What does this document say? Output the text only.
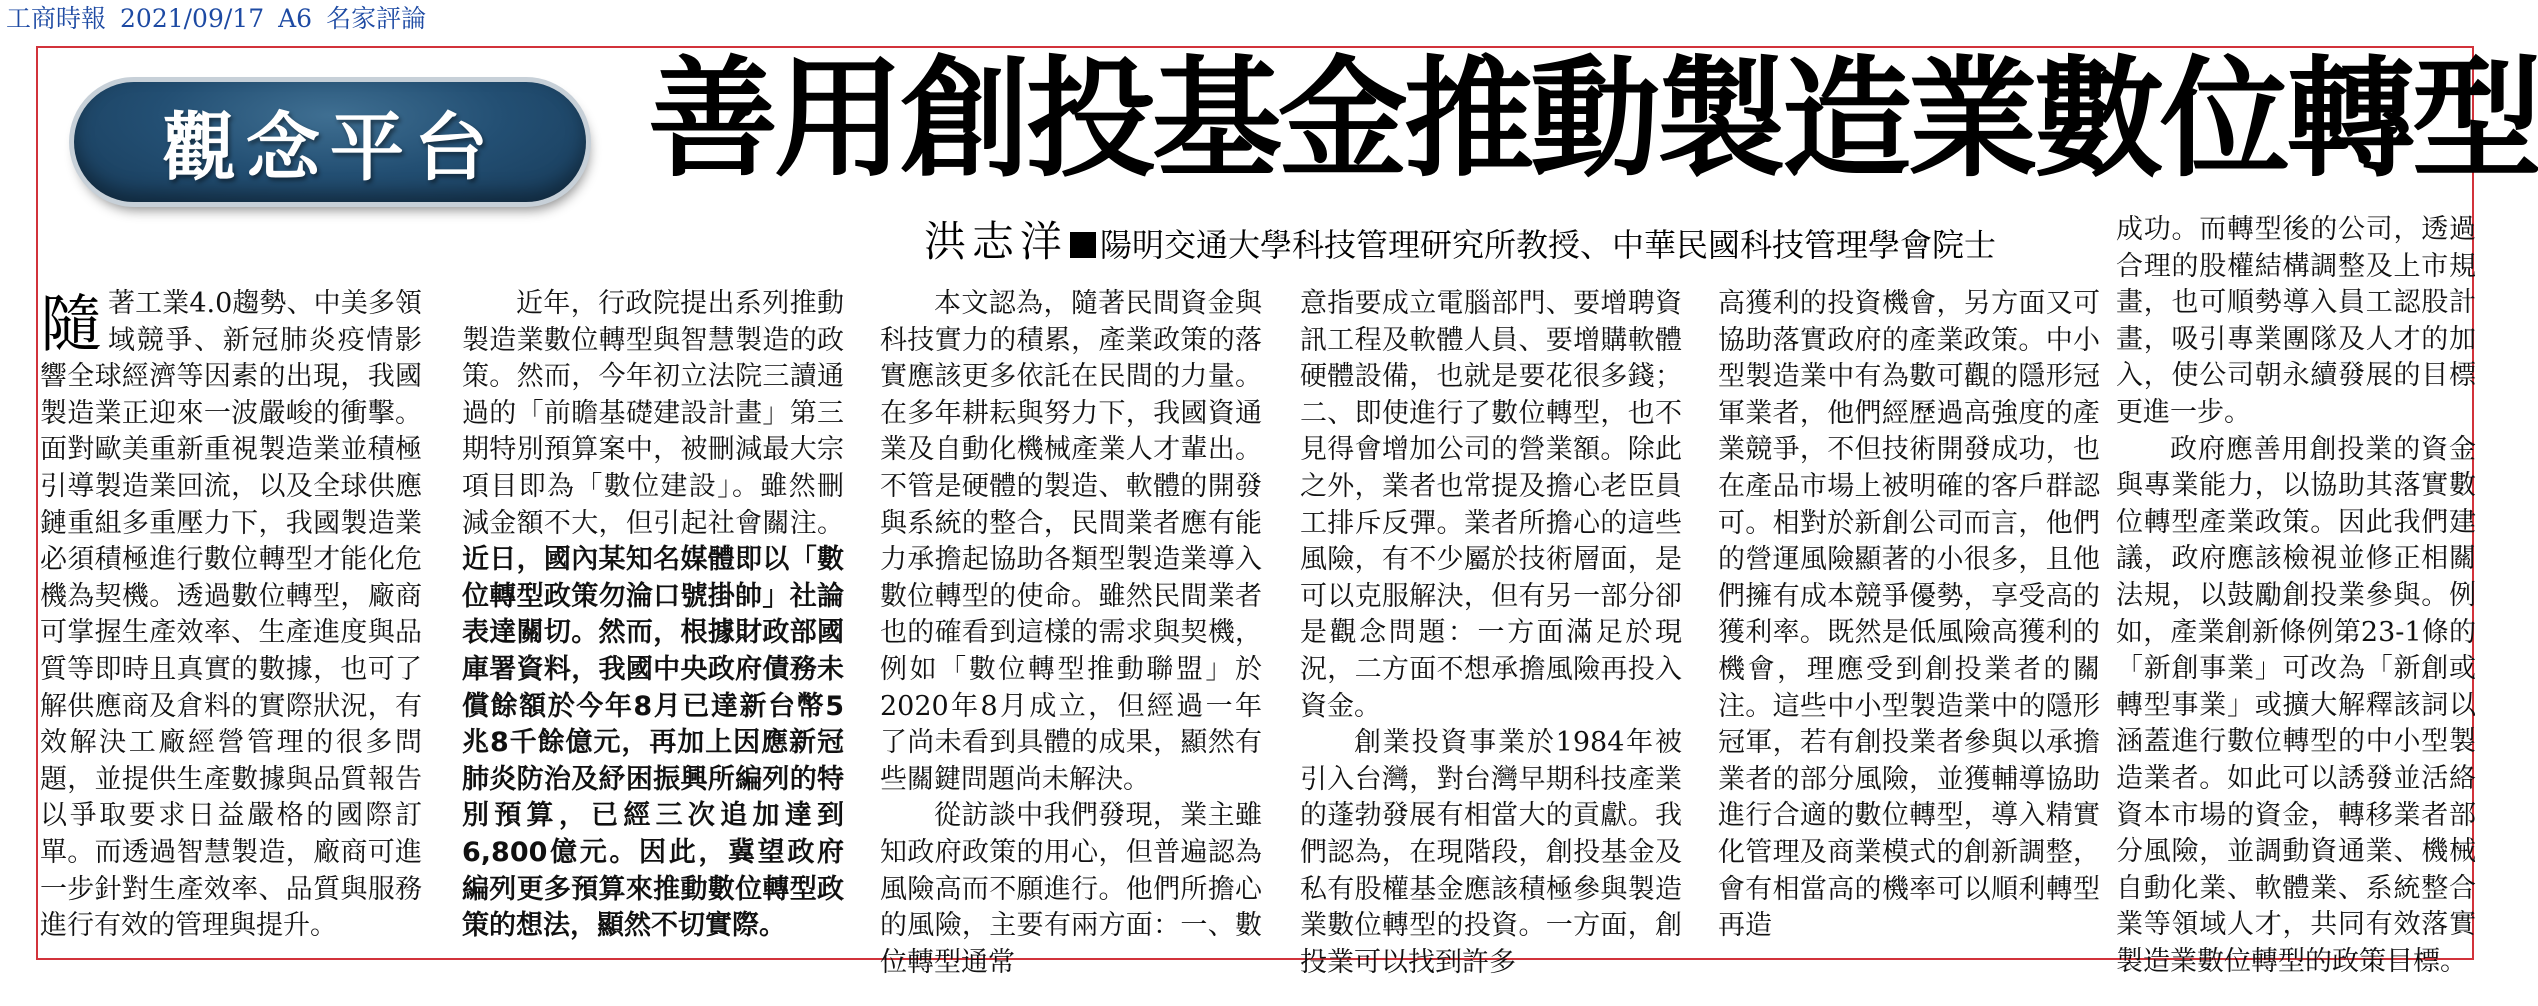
工商時報 2021/09/17 A6 名家評論
觀念平台 善用創投基金推動製造業數位轉型
洪志洋 陽明交通大學科技管理研究所教授、中華民國科技管理學會院士

隨著工業4.0趨勢、中美多領域競爭、新冠肺炎疫情影響全球經濟等因素的出現，我國製造業正迎來一波嚴峻的衝擊。面對歐美重新重視製造業並積極引導製造業回流，以及全球供應鏈重組多重壓力下，我國製造業必須積極進行數位轉型才能化危機為契機。透過數位轉型，廠商可掌握生產效率、生產進度與品質等即時且真實的數據，也可了解供應商及倉料的實際狀況，有效解決工廠經營管理的很多問題，並提供生產數據與品質報告以爭取要求日益嚴格的國際訂單。而透過智慧製造，廠商可進一步針對生產效率、品質與服務進行有效的管理與提升。

近年，行政院提出系列推動製造業數位轉型與智慧製造的政策。然而，今年初立法院三讀通過的「前瞻基礎建設計畫」第三期特別預算案中，被刪減最大宗項目即為「數位建設」。雖然刪減金額不大，但引起社會關注。近日，國內某知名媒體即以「數位轉型政策勿淪口號掛帥」社論表達關切。然而，根據財政部國庫署資料，我國中央政府債務未償餘額於今年8月已達新台幣5兆8千餘億元，再加上因應新冠肺炎防治及紓困振興所編列的特別預算，已經三次追加達到6,800億元。因此，冀望政府編列更多預算來推動數位轉型政策的想法，顯然不切實際。

本文認為，隨著民間資金與科技實力的積累，產業政策的落實應該更多依託在民間的力量。在多年耕耘與努力下，我國資通業及自動化機械產業人才輩出。不管是硬體的製造、軟體的開發與系統的整合，民間業者應有能力承擔起協助各類型製造業導入數位轉型的使命。雖然民間業者也的確看到這樣的需求與契機，例如「數位轉型推動聯盟」於2020年8月成立，但經過一年了尚未看到具體的成果，顯然有些關鍵問題尚未解決。

從訪談中我們發現，業主雖知政府政策的用心，但普遍認為風險高而不願進行。他們所擔心的風險，主要有兩方面：一、數位轉型通常

意指要成立電腦部門、要增聘資訊工程及軟體人員、要增購軟體硬體設備，也就是要花很多錢；二、即使進行了數位轉型，也不見得會增加公司的營業額。除此之外，業者也常提及擔心老臣員工排斥反彈。業者所擔心的這些風險，有不少屬於技術層面，是可以克服解決，但有另一部分卻是觀念問題：一方面滿足於現況，二方面不想承擔風險再投入資金。

創業投資事業於1984年被引入台灣，對台灣早期科技產業的蓬勃發展有相當大的貢獻。我們認為，在現階段，創投基金及私有股權基金應該積極參與製造業數位轉型的投資。一方面，創投業可以找到許多

高獲利的投資機會，另方面又可協助落實政府的產業政策。中小型製造業中有為數可觀的隱形冠軍業者，他們經歷過高強度的產業競爭，不但技術開發成功，也在產品市場上被明確的客戶群認可。相對於新創公司而言，他們的營運風險顯著的小很多，且他們擁有成本競爭優勢，享受高的獲利率。既然是低風險高獲利的機會，理應受到創投業者的關注。這些中小型製造業中的隱形冠軍，若有創投業者參與以承擔業者的部分風險，並獲輔導協助進行合適的數位轉型，導入精實化管理及商業模式的創新調整，會有相當高的機率可以順利轉型再造

成功。而轉型後的公司，透過合理的股權結構調整及上市規畫，也可順勢導入員工認股計畫，吸引專業團隊及人才的加入，使公司朝永續發展的目標更進一步。

政府應善用創投業的資金與專業能力，以協助其落實數位轉型產業政策。因此我們建議，政府應該檢視並修正相關法規，以鼓勵創投業參與。例如，產業創新條例第23-1條的「新創事業」可改為「新創或轉型事業」或擴大解釋該詞以涵蓋進行數位轉型的中小型製造業者。如此可以誘發並活絡資本市場的資金，轉移業者部分風險，並調動資通業、機械自動化業、軟體業、系統整合業等領域人才，共同有效落實製造業數位轉型的政策目標。
